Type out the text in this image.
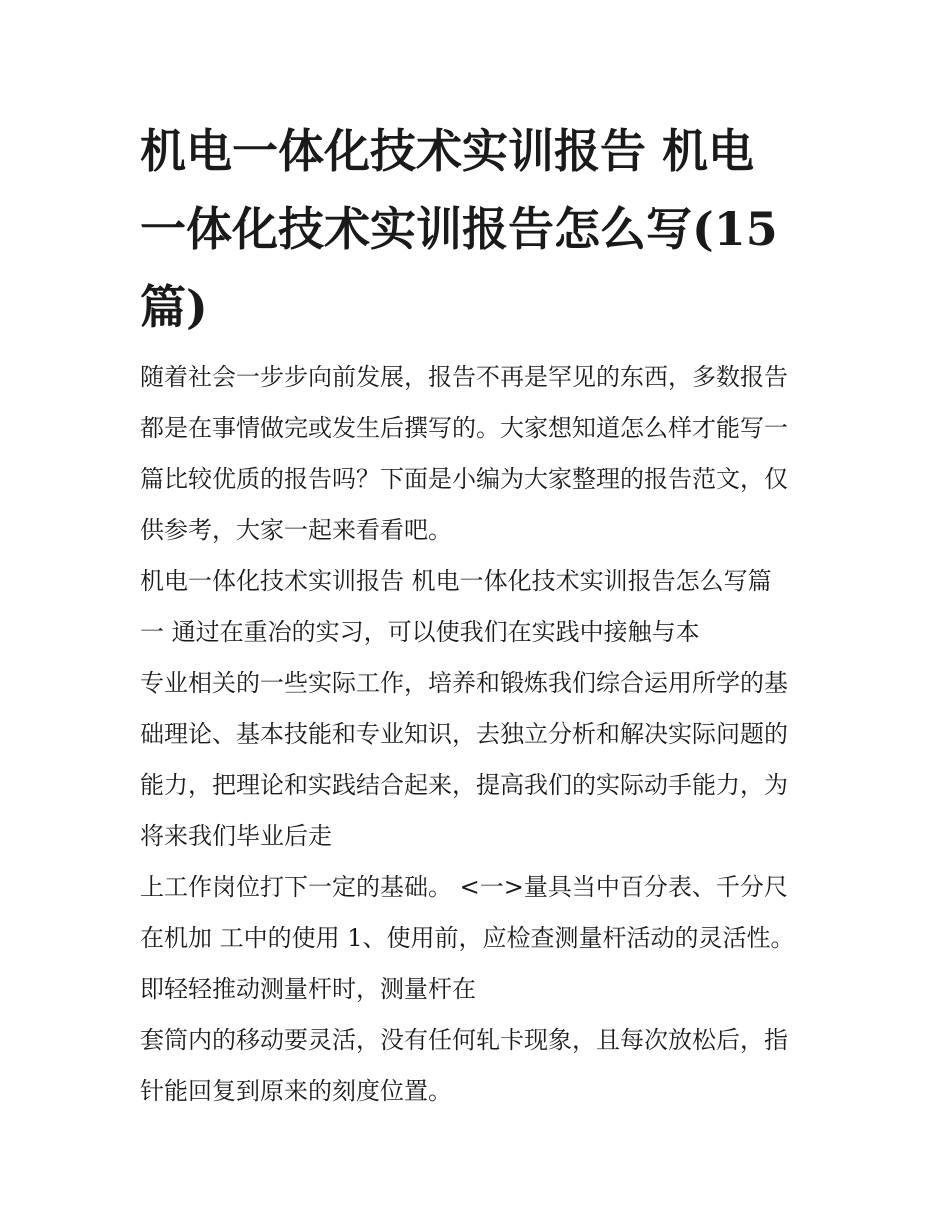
机电一体化技术实训报告 机电
一体化技术实训报告怎么写(15
篇)
随着社会一步步向前发展，报告不再是罕见的东西，多数报告
都是在事情做完或发生后撰写的。大家想知道怎么样才能写一
篇比较优质的报告吗？下面是小编为大家整理的报告范文，仅
供参考，大家一起来看看吧。
机电一体化技术实训报告 机电一体化技术实训报告怎么写篇
一 通过在重冶的实习，可以使我们在实践中接触与本
专业相关的一些实际工作，培养和锻炼我们综合运用所学的基
础理论、基本技能和专业知识，去独立分析和解决实际问题的
能力，把理论和实践结合起来，提高我们的实际动手能力，为
将来我们毕业后走
上工作岗位打下一定的基础。 <一>量具当中百分表、千分尺
在机加 工中的使用 1、使用前，应检查测量杆活动的灵活性。
即轻轻推动测量杆时，测量杆在
套筒内的移动要灵活，没有任何轧卡现象，且每次放松后，指
针能回复到原来的刻度位置。
